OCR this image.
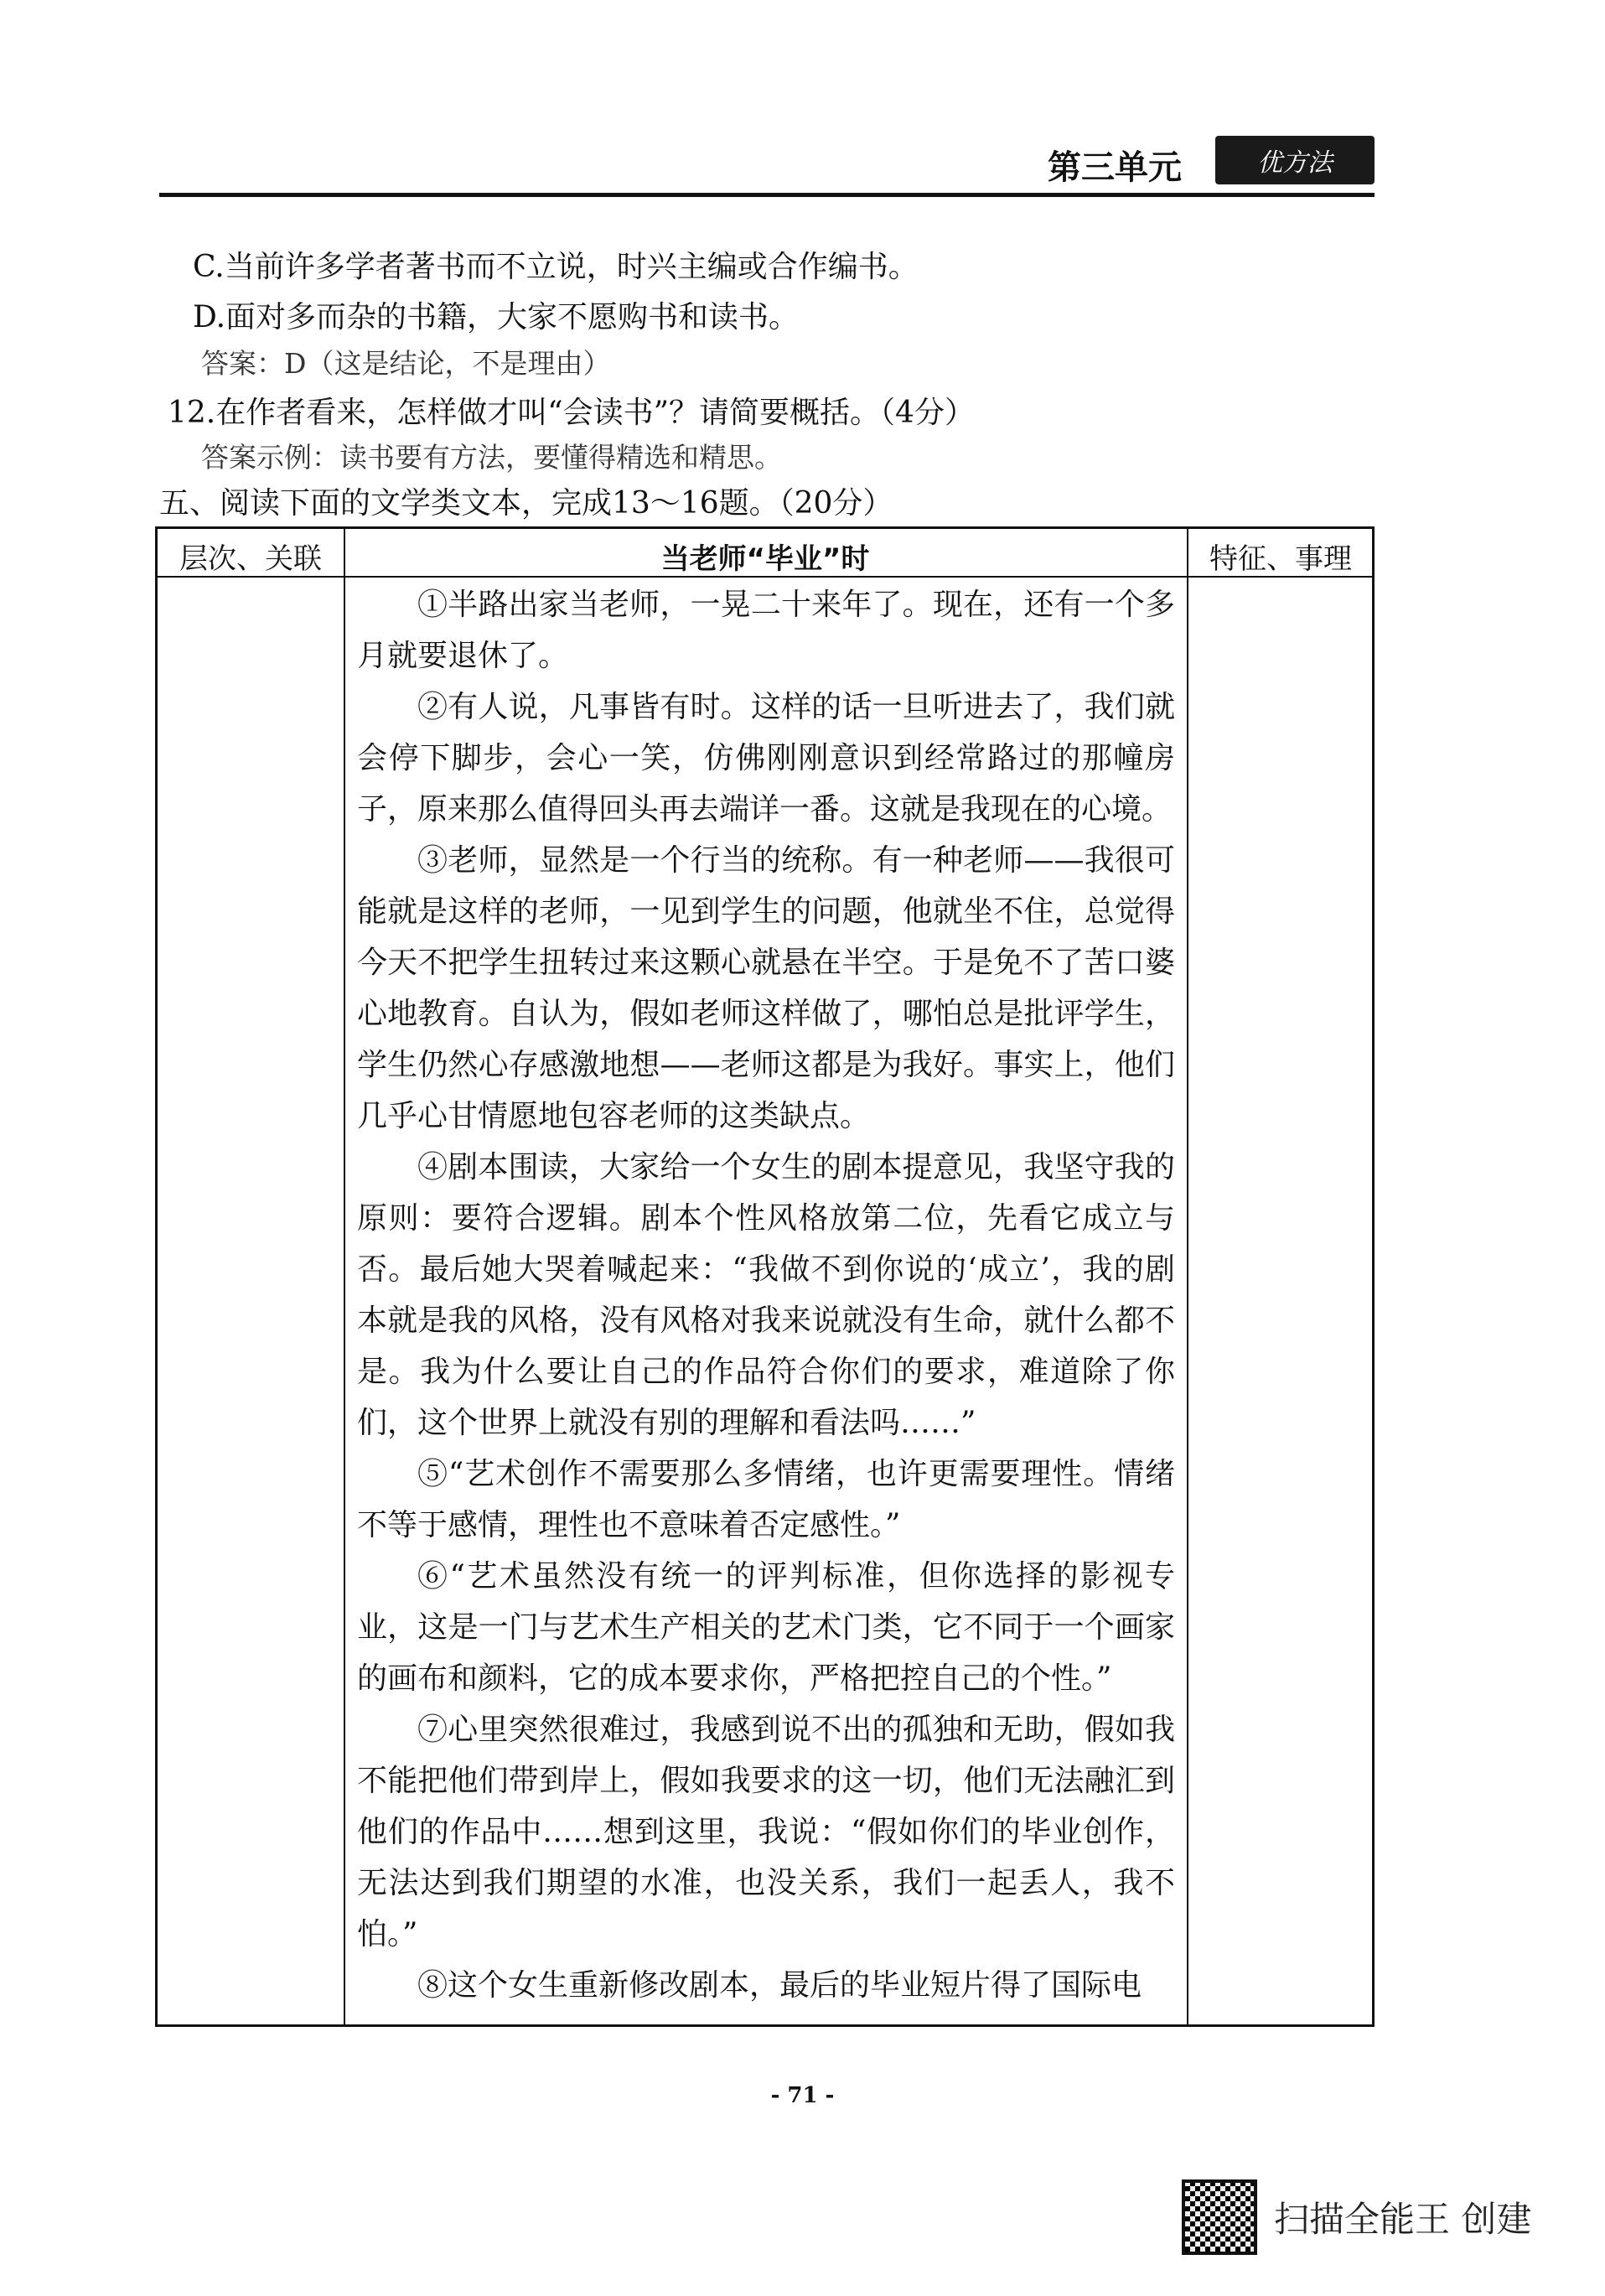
第三单元	优方法
C.当前许多学者著书而不立说，时兴主编或合作编书。
D.面对多而杂的书籍，大家不愿购书和读书。
答案：D（这是结论，不是理由）
12.在作者看来，怎样做才叫“会读书”？请简要概括。（4分）
答案示例：读书要有方法，要懂得精选和精思。
五、阅读下面的文学类文本，完成13～16题。（20分）
层次、关联	当老师“毕业”时	特征、事理

①半路出家当老师，一晃二十来年了。现在，还有一个多月就要退休了。

②有人说，凡事皆有时。这样的话一旦听进去了，我们就会停下脚步，会心一笑，仿佛刚刚意识到经常路过的那幢房子，原来那么值得回头再去端详一番。这就是我现在的心境。

③老师，显然是一个行当的统称。有一种老师——我很可能就是这样的老师，一见到学生的问题，他就坐不住，总觉得今天不把学生扭转过来这颗心就悬在半空。于是免不了苦口婆心地教育。自认为，假如老师这样做了，哪怕总是批评学生，学生仍然心存感激地想——老师这都是为我好。事实上，他们几乎心甘情愿地包容老师的这类缺点。

④剧本围读，大家给一个女生的剧本提意见，我坚守我的原则：要符合逻辑。剧本个性风格放第二位，先看它成立与否。最后她大哭着喊起来：“我做不到你说的‘成立’，我的剧本就是我的风格，没有风格对我来说就没有生命，就什么都不是。我为什么要让自己的作品符合你们的要求，难道除了你们，这个世界上就没有别的理解和看法吗……”

⑤“艺术创作不需要那么多情绪，也许更需要理性。情绪不等于感情，理性也不意味着否定感性。”

⑥“艺术虽然没有统一的评判标准，但你选择的影视专业，这是一门与艺术生产相关的艺术门类，它不同于一个画家的画布和颜料，它的成本要求你，严格把控自己的个性。”

⑦心里突然很难过，我感到说不出的孤独和无助，假如我不能把他们带到岸上，假如我要求的这一切，他们无法融汇到他们的作品中……想到这里，我说：“假如你们的毕业创作，无法达到我们期望的水准，也没关系，我们一起丢人，我不怕。”

⑧这个女生重新修改剧本，最后的毕业短片得了国际电

- 71 -
扫描全能王 创建
